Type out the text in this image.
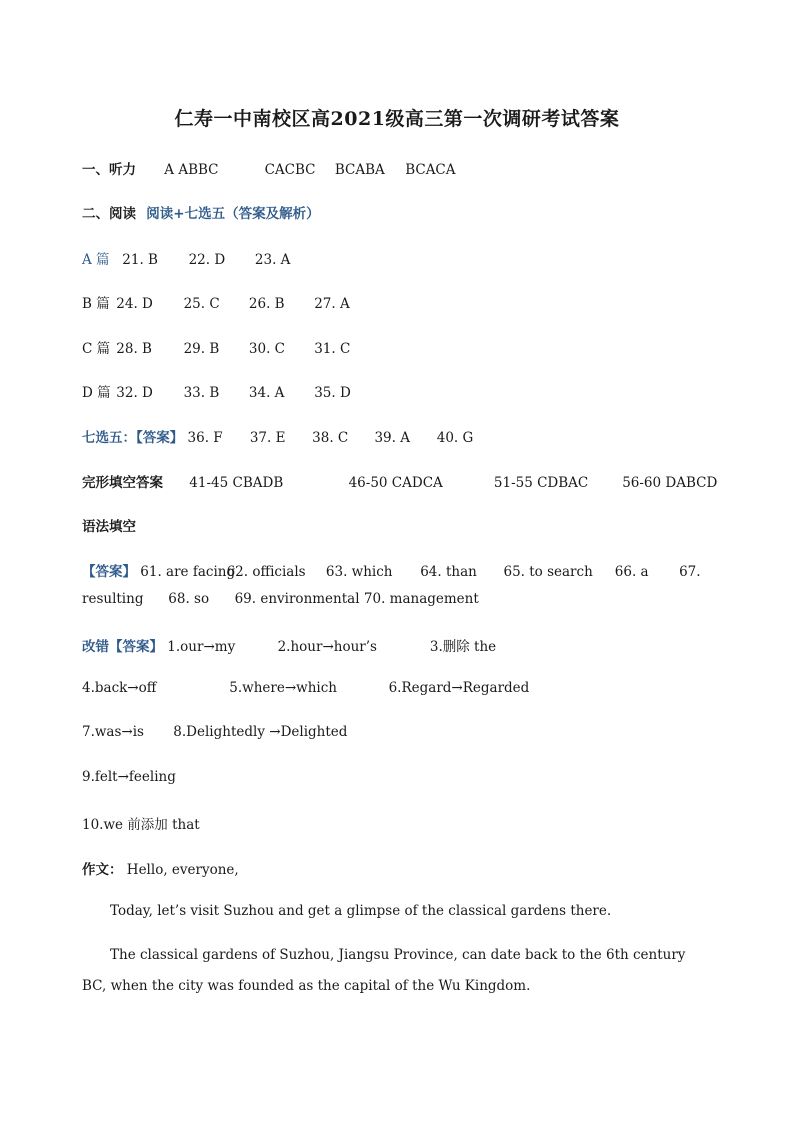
仁寿一中南校区高2021级高三第一次调研考试答案
一、听力 A ABBC	CACBC BCABA BCACA
二、阅读 阅读+七选五（答案及解析）
A 篇 21. B 22. D 23. A
B 篇 24. D 25. C 26. B 27. A
C 篇 28. B 29. B 30. C 31. C
D 篇 32. D 33. B 34. A 35. D
七选五：【答案】 36. F 37. E 38. C 39. A 40. G
完形填空答案 41-45 CBADB	46-50 CADCA	51-55 CDBAC	56-60 DABCD
语法填空
【答案】 61. are facing 62. officials 63. which 64. than 65. to search 66. a 67.
resulting 68. so 69. environmental 70. management
改错【答案】 1.our→my	2.hour→hour’s	3.删除 the
4.back→off	5.where→which	6.Regard→Regarded
7.was→is 8.Delightedly →Delighted
9.felt→feeling
10.we 前添加 that
作文： Hello, everyone,
Today, let’s visit Suzhou and get a glimpse of the classical gardens there.
The classical gardens of Suzhou, Jiangsu Province, can date back to the 6th century BC, when the city was founded as the capital of the Wu Kingdom.
